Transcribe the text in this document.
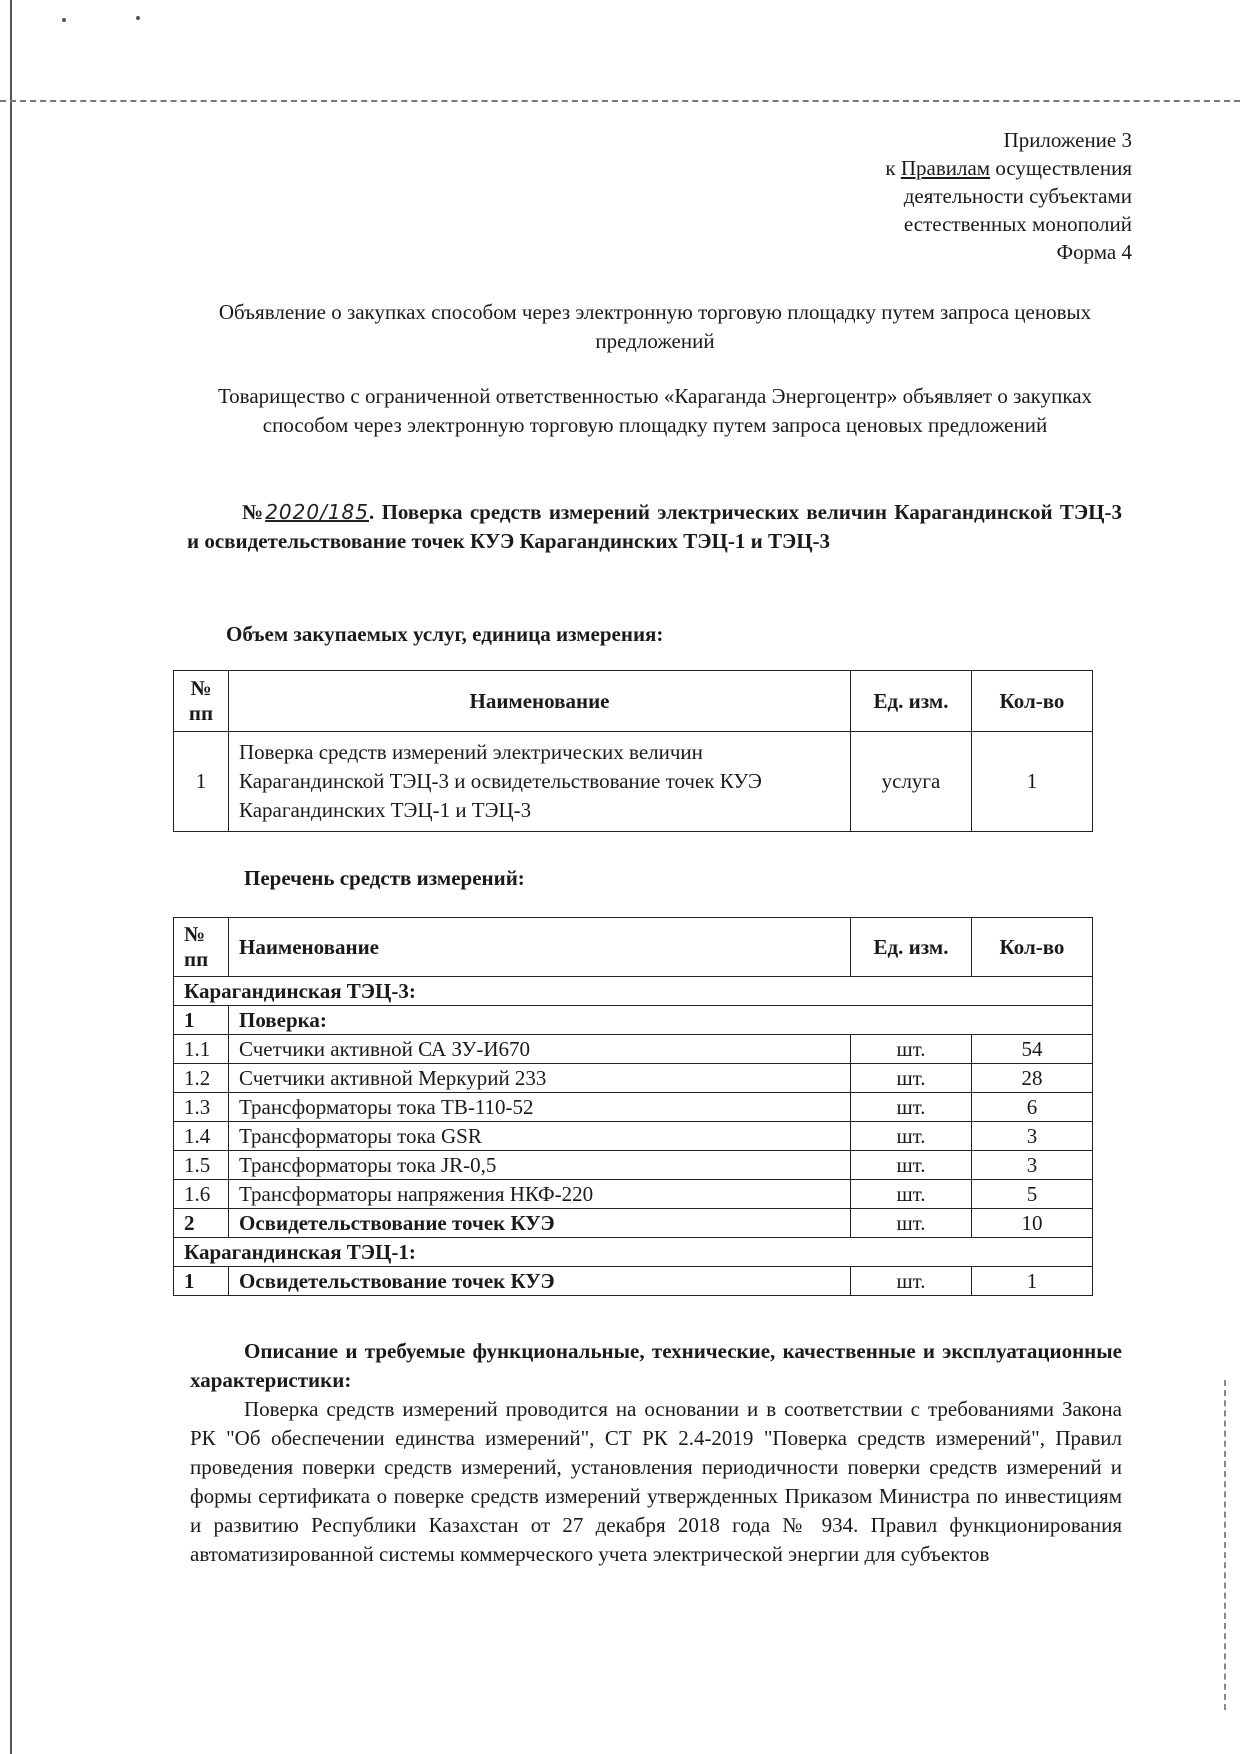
Приложение 3
к Правилам осуществления
деятельности субъектами
естественных монополий
Форма 4
Объявление о закупках способом через электронную торговую площадку путем запроса ценовых предложений
Товарищество с ограниченной ответственностью «Караганда Энергоцентр» объявляет о закупках способом через электронную торговую площадку путем запроса ценовых предложений
№2020/185. Поверка средств измерений электрических величин Карагандинской ТЭЦ-3 и освидетельствование точек КУЭ Карагандинских ТЭЦ-1 и ТЭЦ-3
Объем закупаемых услуг, единица измерения:
№ пп	Наименование	Ед. изм.	Кол-во
1	Поверка средств измерений электрических величин Карагандинской ТЭЦ-3 и освидетельствование точек КУЭ Карагандинских ТЭЦ-1 и ТЭЦ-3	услуга	1
Перечень средств измерений:
№ пп	Наименование	Ед. изм.	Кол-во
Карагандинская ТЭЦ-3:			
1	Поверка:		
1.1	Счетчики активной СА ЗУ-И670	шт.	54
1.2	Счетчики активной Меркурий 233	шт.	28
1.3	Трансформаторы тока ТВ-110-52	шт.	6
1.4	Трансформаторы тока GSR	шт.	3
1.5	Трансформаторы тока JR-0,5	шт.	3
1.6	Трансформаторы напряжения НКФ-220	шт.	5
2	Освидетельствование точек КУЭ	шт.	10
Карагандинская ТЭЦ-1:			
1	Освидетельствование точек КУЭ	шт.	1
Описание и требуемые функциональные, технические, качественные и эксплуатационные характеристики:
Поверка средств измерений проводится на основании и в соответствии с требованиями Закона РК "Об обеспечении единства измерений", СТ РК 2.4-2019 "Поверка средств измерений", Правил проведения поверки средств измерений, установления периодичности поверки средств измерений и формы сертификата о поверке средств измерений утвержденных Приказом Министра по инвестициям и развитию Республики Казахстан от 27 декабря 2018 года № 934. Правил функционирования автоматизированной системы коммерческого учета электрической энергии для субъектов
